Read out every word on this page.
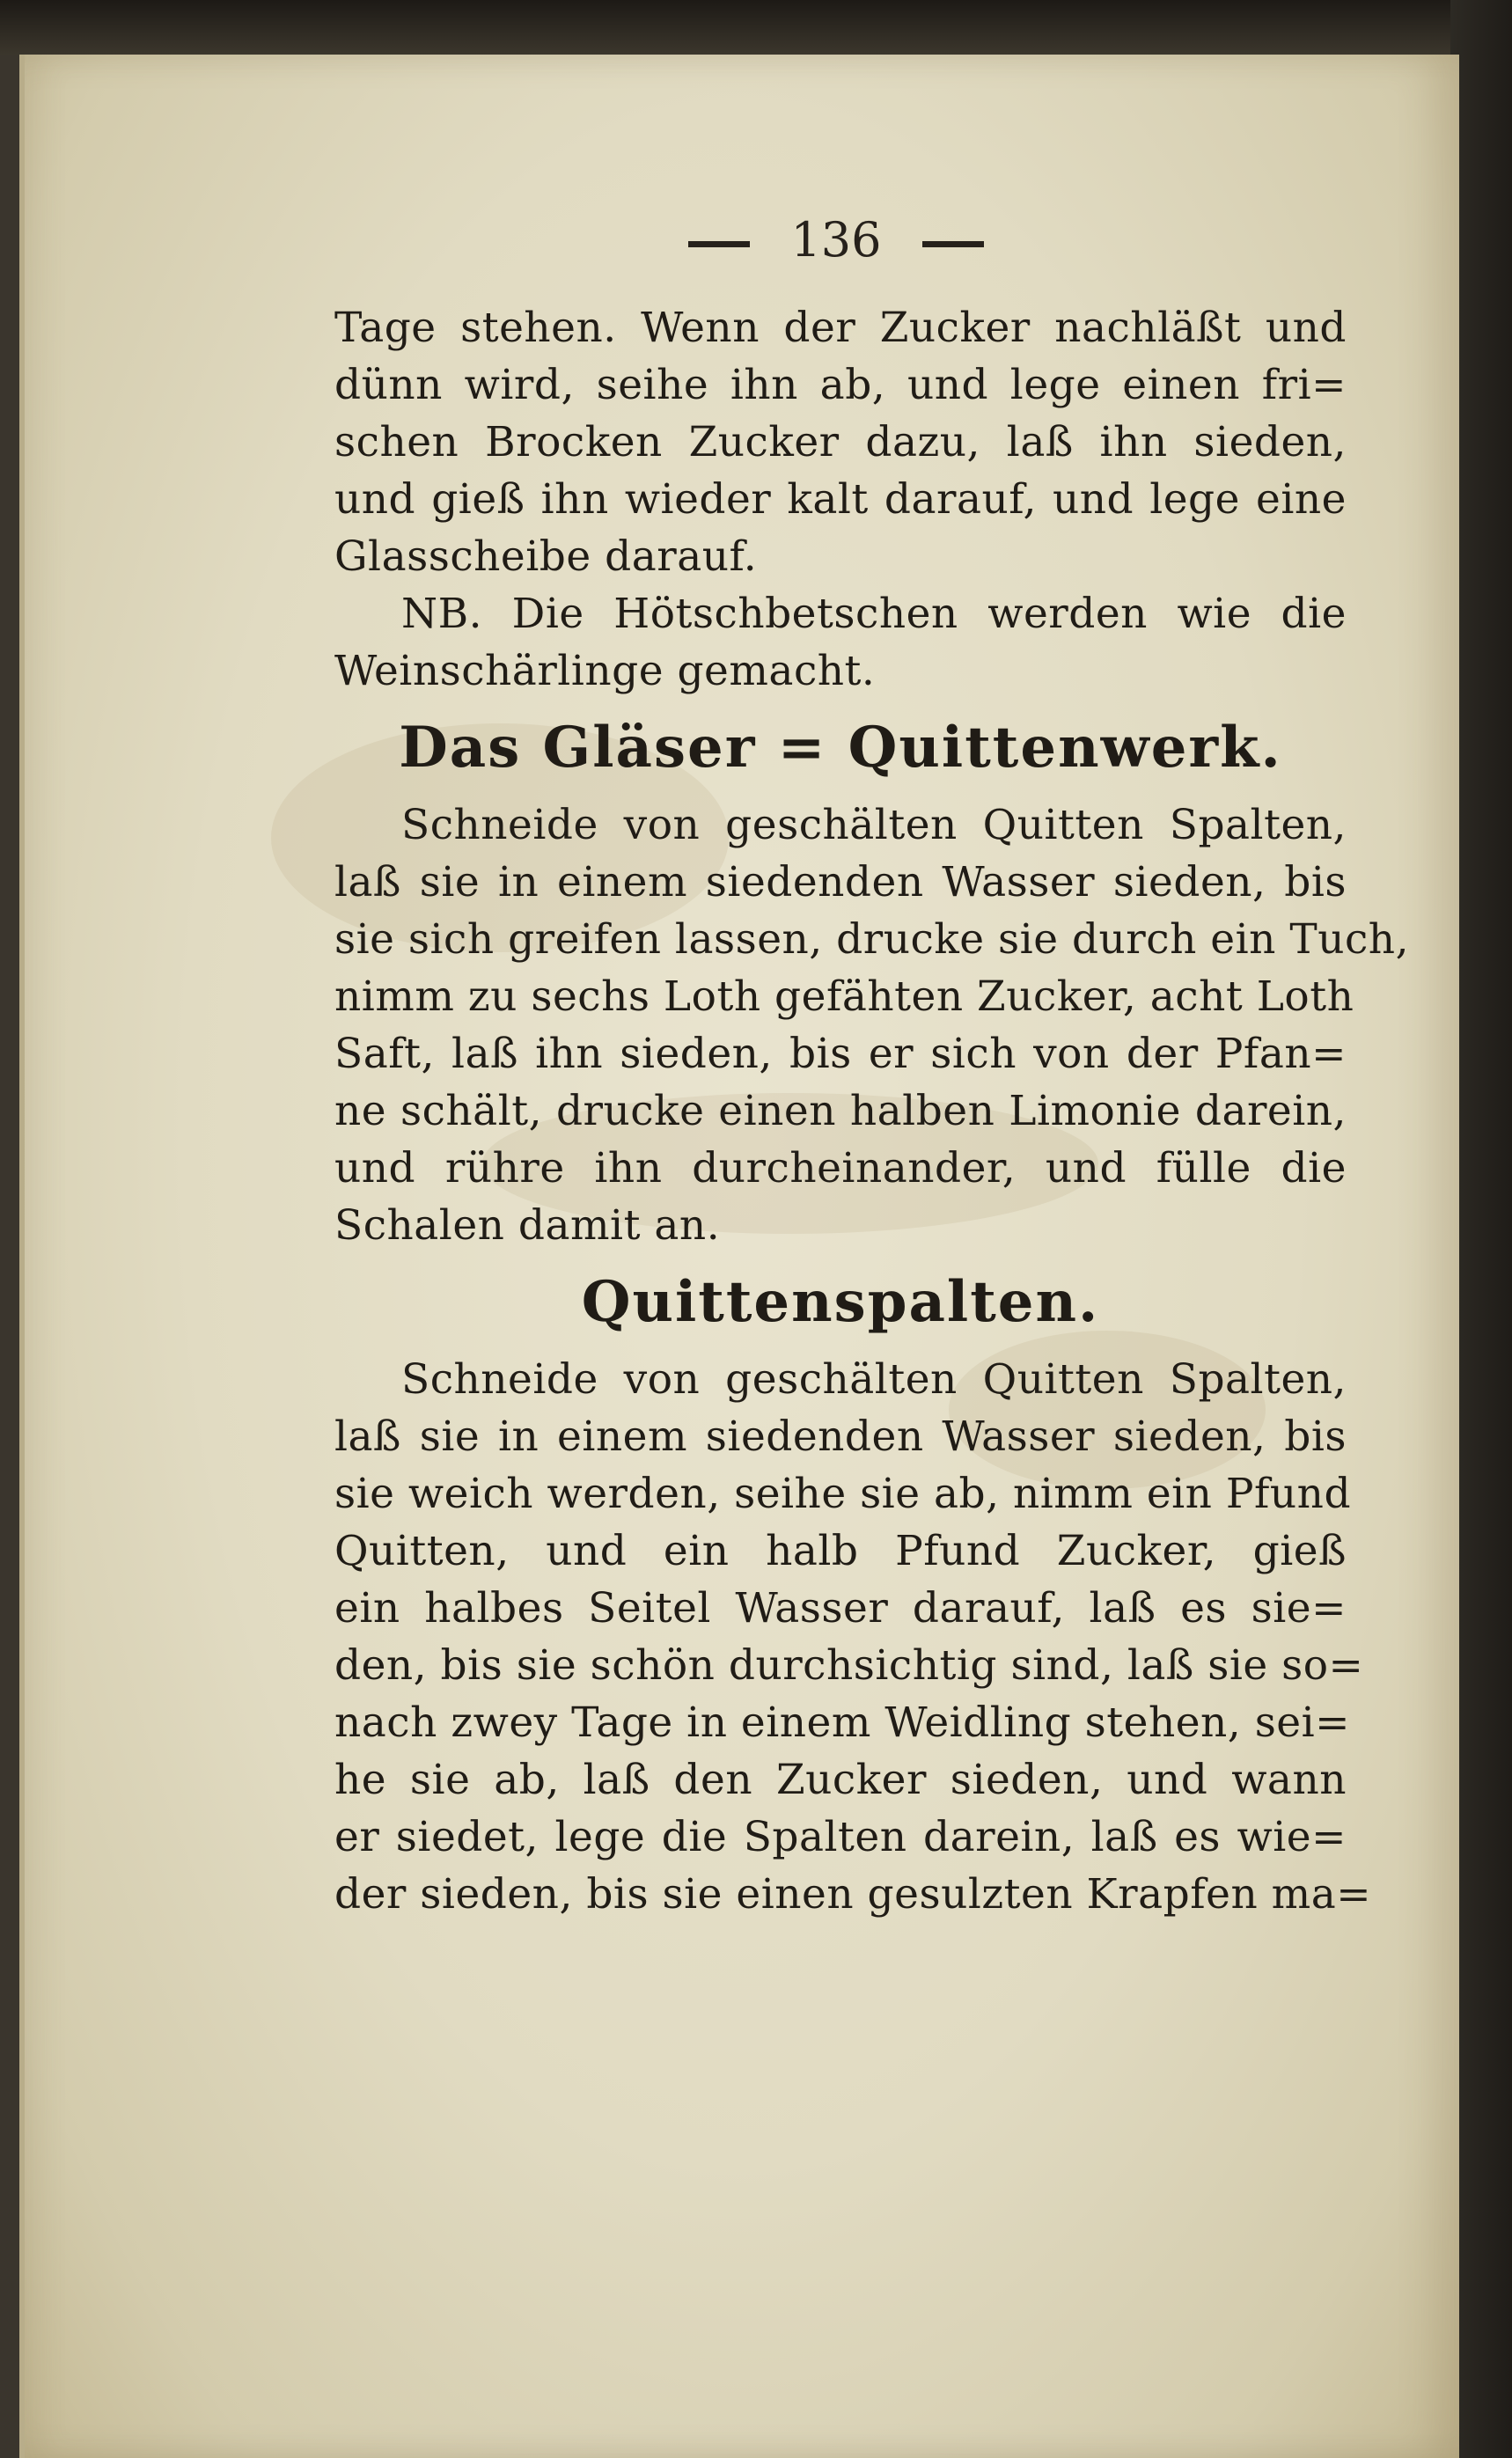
136
Tage stehen. Wenn der Zucker nachläßt und
dünn wird, seihe ihn ab, und lege einen fri=
schen Brocken Zucker dazu, laß ihn sieden,
und gieß ihn wieder kalt darauf, und lege eine
Glasscheibe darauf.
NB. Die Hötschbetschen werden wie die
Weinschärlinge gemacht.
Das Gläser = Quittenwerk.
Schneide von geschälten Quitten Spalten,
laß sie in einem siedenden Wasser sieden, bis
sie sich greifen lassen, drucke sie durch ein Tuch,
nimm zu sechs Loth gefähten Zucker, acht Loth
Saft, laß ihn sieden, bis er sich von der Pfan=
ne schält, drucke einen halben Limonie darein,
und rühre ihn durcheinander, und fülle die
Schalen damit an.
Quittenspalten.
Schneide von geschälten Quitten Spalten,
laß sie in einem siedenden Wasser sieden, bis
sie weich werden, seihe sie ab, nimm ein Pfund
Quitten, und ein halb Pfund Zucker, gieß
ein halbes Seitel Wasser darauf, laß es sie=
den, bis sie schön durchsichtig sind, laß sie so=
nach zwey Tage in einem Weidling stehen, sei=
he sie ab, laß den Zucker sieden, und wann
er siedet, lege die Spalten darein, laß es wie=
der sieden, bis sie einen gesulzten Krapfen ma=
